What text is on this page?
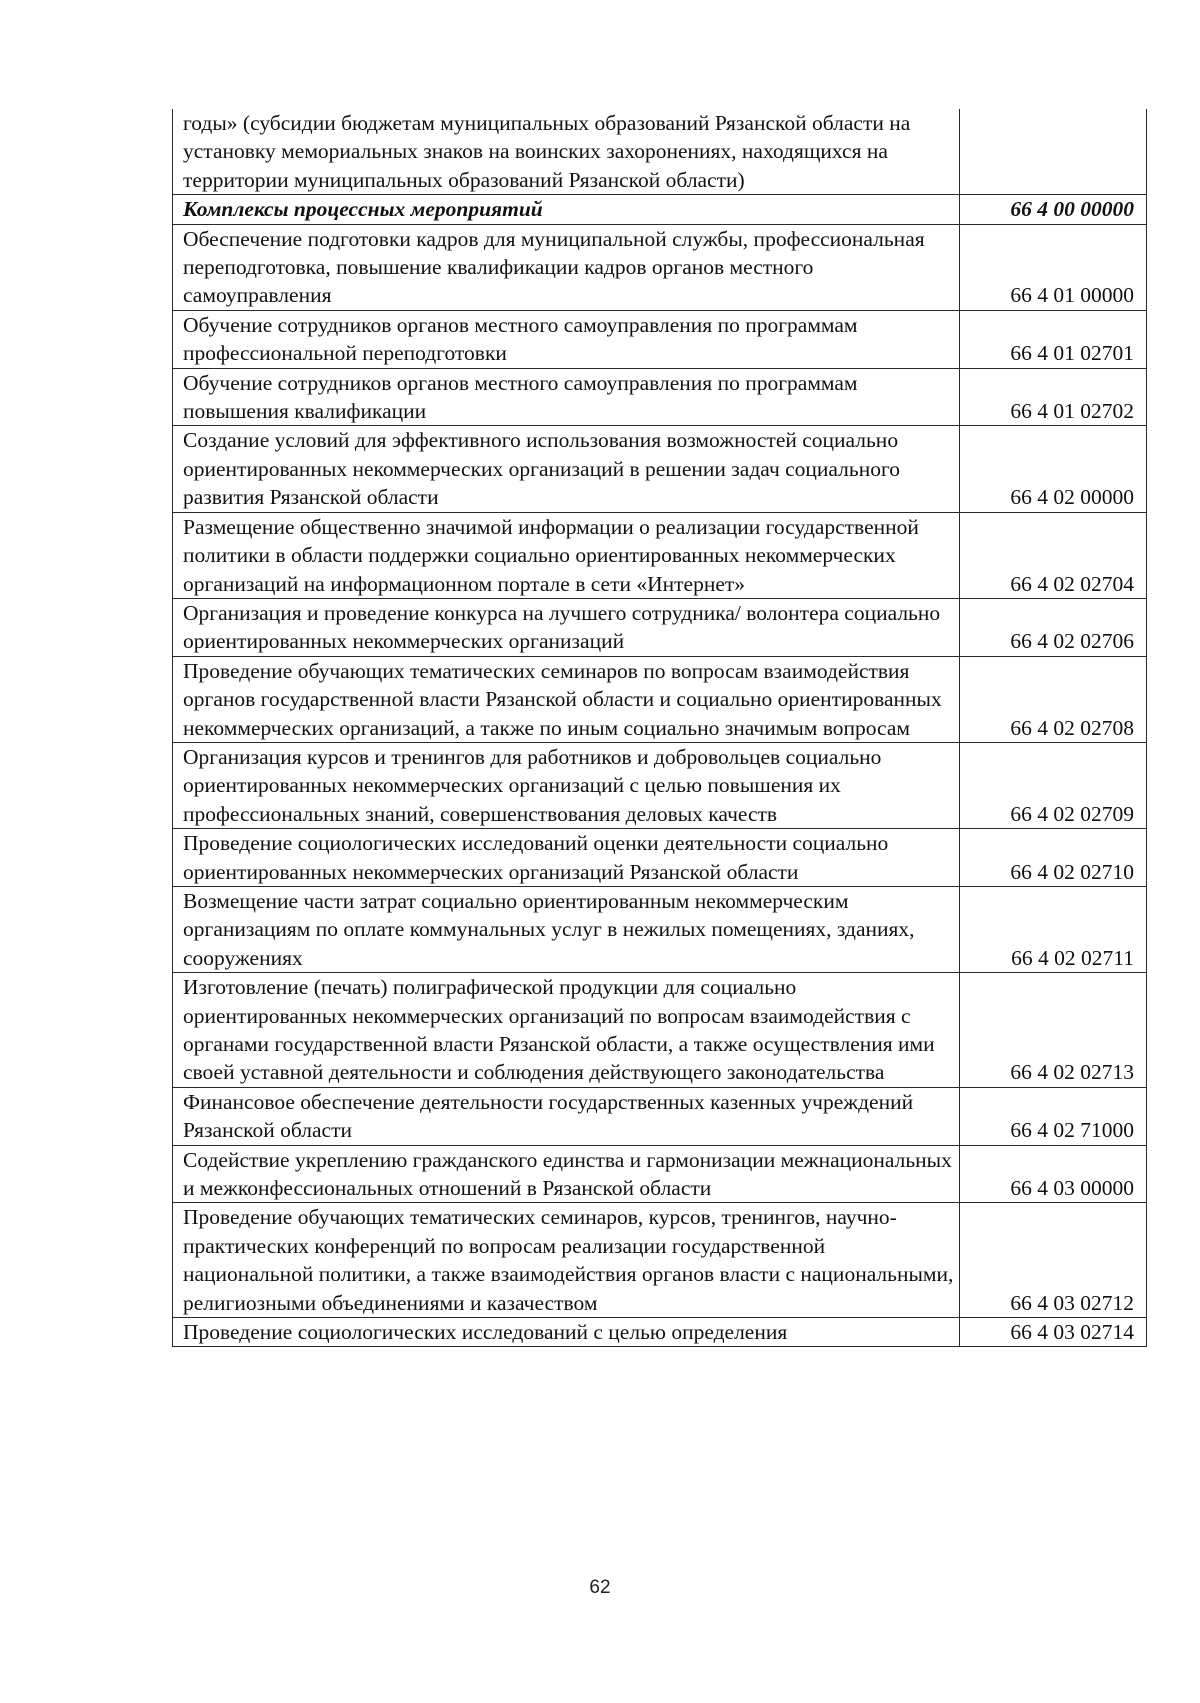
годы» (субсидии бюджетам муниципальных образований Рязанской области на установку мемориальных знаков на воинских захоронениях, находящихся на территории муниципальных образований Рязанской области)	
Комплексы процессных мероприятий	66 4 00 00000
Обеспечение подготовки кадров для муниципальной службы, профессиональная переподготовка, повышение квалификации кадров органов местного самоуправления	66 4 01 00000
Обучение сотрудников органов местного самоуправления по программам профессиональной переподготовки	66 4 01 02701
Обучение сотрудников органов местного самоуправления по программам повышения квалификации	66 4 01 02702
Создание условий для эффективного использования возможностей социально ориентированных некоммерческих организаций в решении задач социального развития Рязанской области	66 4 02 00000
Размещение общественно значимой информации о реализации государственной политики в области поддержки социально ориентированных некоммерческих организаций на информационном портале в сети «Интернет»	66 4 02 02704
Организация и проведение конкурса на лучшего сотрудника/ волонтера социально ориентированных некоммерческих организаций	66 4 02 02706
Проведение обучающих тематических семинаров по вопросам взаимодействия органов государственной власти Рязанской области и социально ориентированных некоммерческих организаций, а также по иным социально значимым вопросам	66 4 02 02708
Организация курсов и тренингов для работников и добровольцев социально ориентированных некоммерческих организаций с целью повышения их профессиональных знаний, совершенствования деловых качеств	66 4 02 02709
Проведение социологических исследований оценки деятельности социально ориентированных некоммерческих организаций Рязанской области	66 4 02 02710
Возмещение части затрат социально ориентированным некоммерческим организациям по оплате коммунальных услуг в нежилых помещениях, зданиях, сооружениях	66 4 02 02711
Изготовление (печать) полиграфической продукции для социально ориентированных некоммерческих организаций по вопросам взаимодействия с органами государственной власти Рязанской области, а также осуществления ими своей уставной деятельности и соблюдения действующего законодательства	66 4 02 02713
Финансовое обеспечение деятельности государственных казенных учреждений Рязанской области	66 4 02 71000
Содействие укреплению гражданского единства и гармонизации межнациональных и межконфессиональных отношений в Рязанской области	66 4 03 00000
Проведение обучающих тематических семинаров, курсов, тренингов, научно-практических конференций по вопросам реализации государственной национальной политики, а также взаимодействия органов власти с национальными, религиозными объединениями и казачеством	66 4 03 02712
Проведение социологических исследований с целью определения	66 4 03 02714
62
